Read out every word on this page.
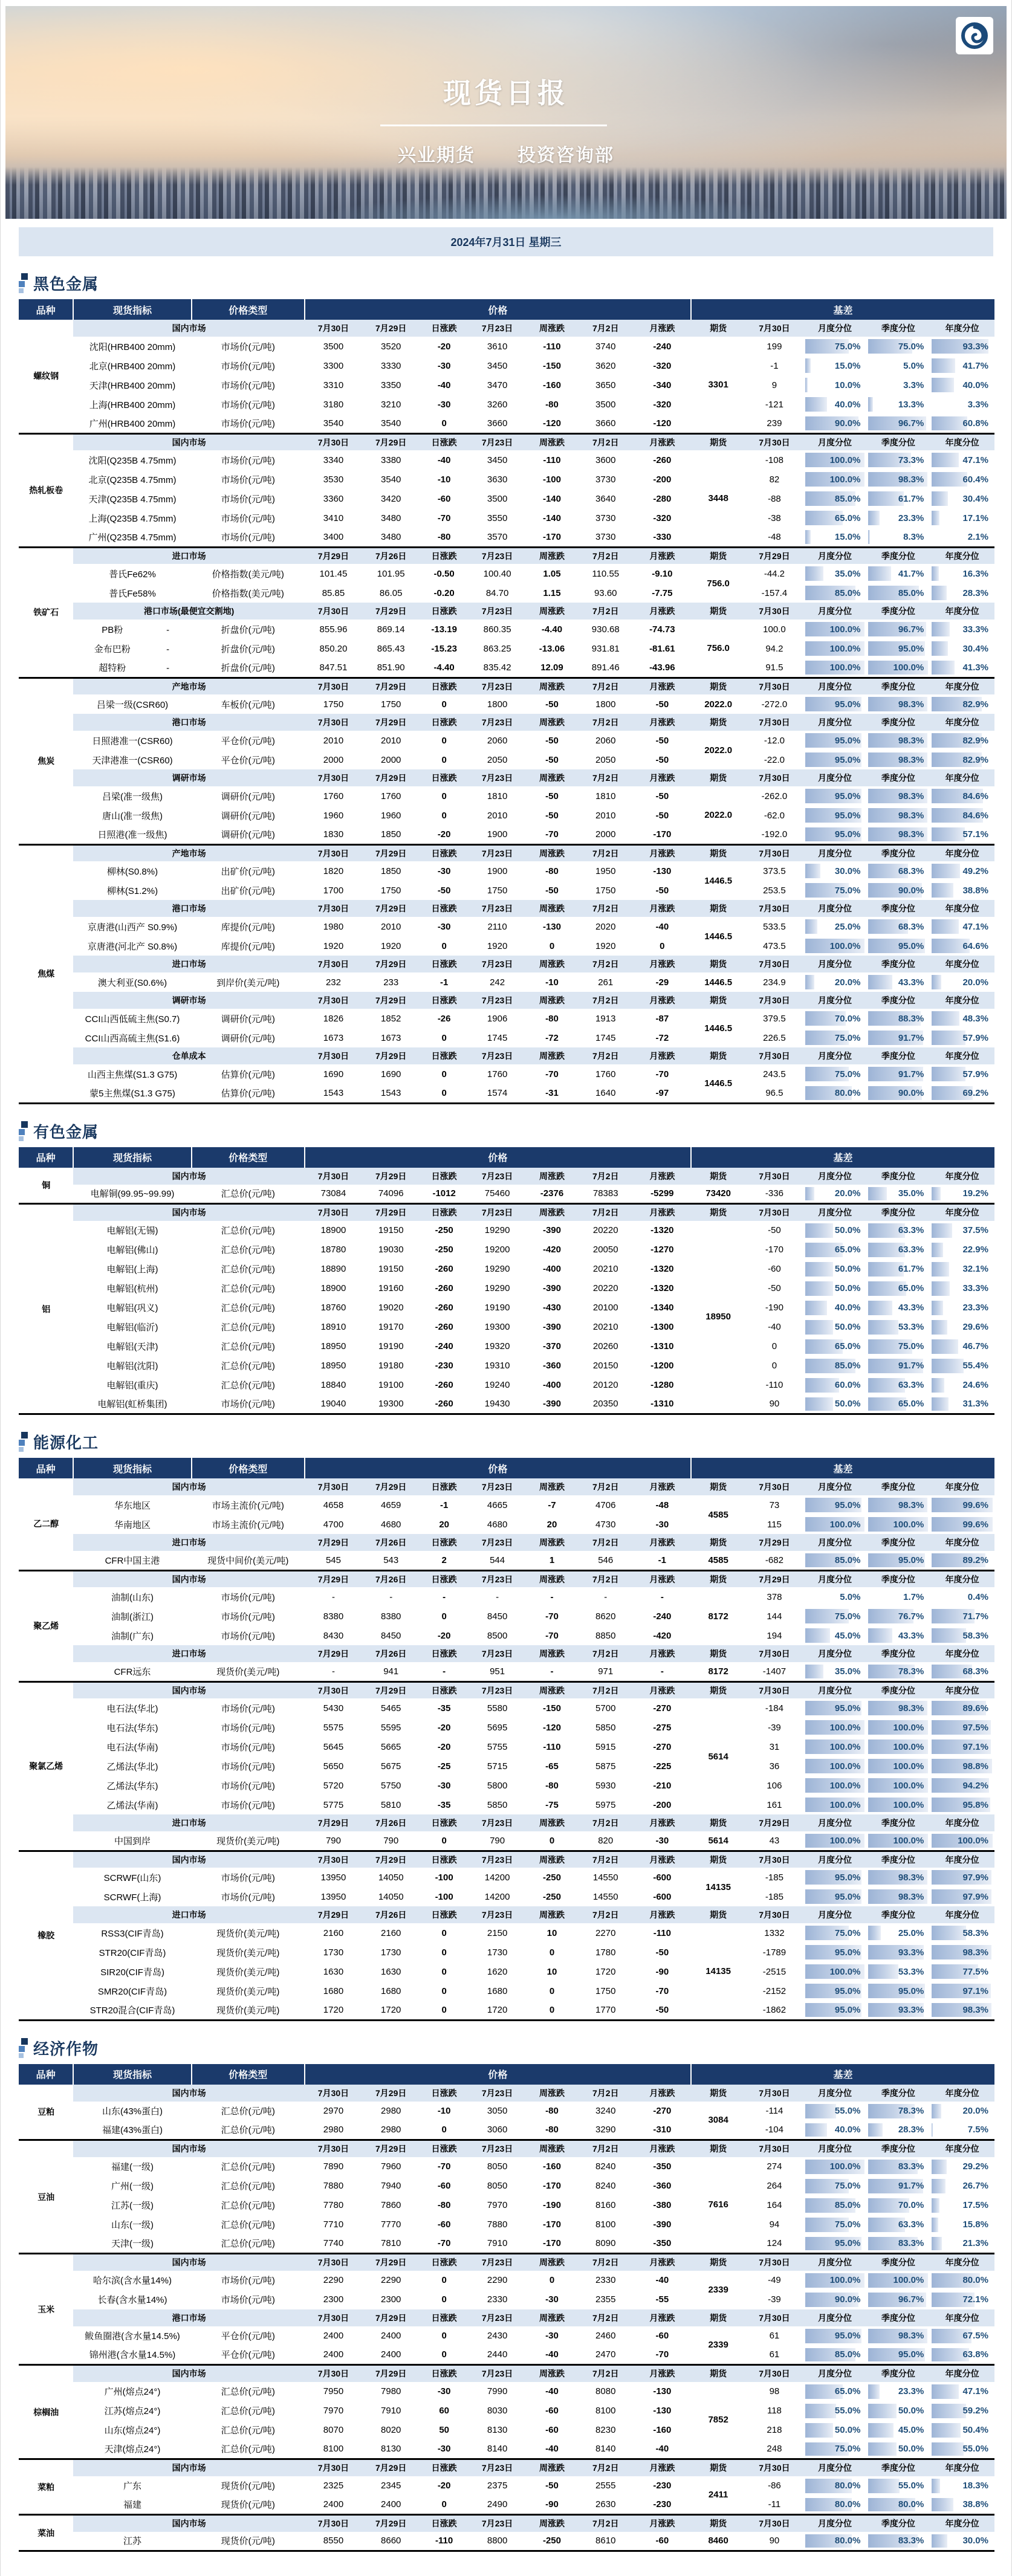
现货日报
兴业期货 投资咨询部
2024年7月31日 星期三
黑色金属
品种	现货指标	价格类型	价格							基差				
螺纹钢	国内市场		7月30日	7月29日	日涨跌	7月23日	周涨跌	7月2日	月涨跌	期货	7月30日	月度分位	季度分位	年度分位
	沈阳(HRB400 20mm)	市场价(元/吨)	3500	3520	-20	3610	-110	3740	-240	3301	199	75.0%	75.0%	93.3%

	北京(HRB400 20mm)	市场价(元/吨)	3300	3330	-30	3450	-150	3620	-320		-1	15.0%	5.0%	41.7%

	天津(HRB400 20mm)	市场价(元/吨)	3310	3350	-40	3470	-160	3650	-340		9	10.0%	3.3%	40.0%

	上海(HRB400 20mm)	市场价(元/吨)	3180	3210	-30	3260	-80	3500	-320		-121	40.0%	13.3%	3.3%

	广州(HRB400 20mm)	市场价(元/吨)	3540	3540	0	3660	-120	3660	-120		239	90.0%	96.7%	60.8%

热轧板卷	国内市场		7月30日	7月29日	日涨跌	7月23日	周涨跌	7月2日	月涨跌	期货	7月30日	月度分位	季度分位	年度分位
	沈阳(Q235B 4.75mm)	市场价(元/吨)	3340	3380	-40	3450	-110	3600	-260	3448	-108	100.0%	73.3%	47.1%

	北京(Q235B 4.75mm)	市场价(元/吨)	3530	3540	-10	3630	-100	3730	-200		82	100.0%	98.3%	60.4%

	天津(Q235B 4.75mm)	市场价(元/吨)	3360	3420	-60	3500	-140	3640	-280		-88	85.0%	61.7%	30.4%

	上海(Q235B 4.75mm)	市场价(元/吨)	3410	3480	-70	3550	-140	3730	-320		-38	65.0%	23.3%	17.1%

	广州(Q235B 4.75mm)	市场价(元/吨)	3400	3480	-80	3570	-170	3730	-330		-48	15.0%	8.3%	2.1%

铁矿石	进口市场		7月29日	7月26日	日涨跌	7月23日	周涨跌	7月2日	月涨跌	期货	7月29日	月度分位	季度分位	年度分位
	普氏Fe62%	价格指数(美元/吨)	101.45	101.95	-0.50	100.40	1.05	110.55	-9.10	756.0	-44.2	35.0%	41.7%	16.3%

	普氏Fe58%	价格指数(美元/吨)	85.85	86.05	-0.20	84.70	1.15	93.60	-7.75		-157.4	85.0%	85.0%	28.3%

	港口市场(最便宜交割地)		7月30日	7月29日	日涨跌	7月23日	周涨跌	7月2日	月涨跌	期货	7月30日	月度分位	季度分位	年度分位
	PB粉 -	折盘价(元/吨)	855.96	869.14	-13.19	860.35	-4.40	930.68	-74.73	756.0	100.0	100.0%	96.7%	33.3%

	金布巴粉 -	折盘价(元/吨)	850.20	865.43	-15.23	863.25	-13.06	931.81	-81.61		94.2	100.0%	95.0%	30.4%

	超特粉 -	折盘价(元/吨)	847.51	851.90	-4.40	835.42	12.09	891.46	-43.96		91.5	100.0%	100.0%	41.3%

焦炭	产地市场		7月30日	7月29日	日涨跌	7月23日	周涨跌	7月2日	月涨跌	期货	7月30日	月度分位	季度分位	年度分位
	吕梁一级(CSR60)	车板价(元/吨)	1750	1750	0	1800	-50	1800	-50	2022.0	-272.0	95.0%	98.3%	82.9%

	港口市场		7月30日	7月29日	日涨跌	7月23日	周涨跌	7月2日	月涨跌	期货	7月30日	月度分位	季度分位	年度分位
	日照港准一(CSR60)	平仓价(元/吨)	2010	2010	0	2060	-50	2060	-50	2022.0	-12.0	95.0%	98.3%	82.9%

	天津港准一(CSR60)	平仓价(元/吨)	2000	2000	0	2050	-50	2050	-50		-22.0	95.0%	98.3%	82.9%

	调研市场		7月30日	7月29日	日涨跌	7月23日	周涨跌	7月2日	月涨跌	期货	7月30日	月度分位	季度分位	年度分位
	吕梁(准一级焦)	调研价(元/吨)	1760	1760	0	1810	-50	1810	-50	2022.0	-262.0	95.0%	98.3%	84.6%

	唐山(准一级焦)	调研价(元/吨)	1960	1960	0	2010	-50	2010	-50		-62.0	95.0%	98.3%	84.6%

	日照港(准一级焦)	调研价(元/吨)	1830	1850	-20	1900	-70	2000	-170		-192.0	95.0%	98.3%	57.1%

焦煤	产地市场		7月30日	7月29日	日涨跌	7月23日	周涨跌	7月2日	月涨跌	期货	7月30日	月度分位	季度分位	年度分位
	柳林(S0.8%)	出矿价(元/吨)	1820	1850	-30	1900	-80	1950	-130	1446.5	373.5	30.0%	68.3%	49.2%

	柳林(S1.2%)	出矿价(元/吨)	1700	1750	-50	1750	-50	1750	-50		253.5	75.0%	90.0%	38.8%

	港口市场		7月30日	7月29日	日涨跌	7月23日	周涨跌	7月2日	月涨跌	期货	7月30日	月度分位	季度分位	年度分位
	京唐港(山西产 S0.9%)	库提价(元/吨)	1980	2010	-30	2110	-130	2020	-40	1446.5	533.5	25.0%	68.3%	47.1%

	京唐港(河北产 S0.8%)	库提价(元/吨)	1920	1920	0	1920	0	1920	0		473.5	100.0%	95.0%	64.6%

	进口市场		7月30日	7月29日	日涨跌	7月23日	周涨跌	7月2日	月涨跌	期货	7月30日	月度分位	季度分位	年度分位
	澳大利亚(S0.6%)	到岸价(美元/吨)	232	233	-1	242	-10	261	-29	1446.5	234.9	20.0%	43.3%	20.0%

	调研市场		7月30日	7月29日	日涨跌	7月23日	周涨跌	7月2日	月涨跌	期货	7月30日	月度分位	季度分位	年度分位
	CCI山西低硫主焦(S0.7)	调研价(元/吨)	1826	1852	-26	1906	-80	1913	-87	1446.5	379.5	70.0%	88.3%	48.3%

	CCI山西高硫主焦(S1.6)	调研价(元/吨)	1673	1673	0	1745	-72	1745	-72		226.5	75.0%	91.7%	57.9%

	仓单成本		7月30日	7月29日	日涨跌	7月23日	周涨跌	7月2日	月涨跌	期货	7月30日	月度分位	季度分位	年度分位
	山西主焦煤(S1.3 G75)	估算价(元/吨)	1690	1690	0	1760	-70	1760	-70	1446.5	243.5	75.0%	91.7%	57.9%

	蒙5主焦煤(S1.3 G75)	估算价(元/吨)	1543	1543	0	1574	-31	1640	-97		96.5	80.0%	90.0%	69.2%
有色金属
品种	现货指标	价格类型	价格							基差				
铜	国内市场		7月30日	7月29日	日涨跌	7月23日	周涨跌	7月2日	月涨跌	期货	7月30日	月度分位	季度分位	年度分位
	电解铜(99.95~99.99)	汇总价(元/吨)	73084	74096	-1012	75460	-2376	78383	-5299	73420	-336	20.0%	35.0%	19.2%

铝	国内市场		7月30日	7月29日	日涨跌	7月23日	周涨跌	7月2日	月涨跌	期货	7月30日	月度分位	季度分位	年度分位
	电解铝(无锡)	汇总价(元/吨)	18900	19150	-250	19290	-390	20220	-1320	18950	-50	50.0%	63.3%	37.5%

	电解铝(佛山)	汇总价(元/吨)	18780	19030	-250	19200	-420	20050	-1270		-170	65.0%	63.3%	22.9%

	电解铝(上海)	汇总价(元/吨)	18890	19150	-260	19290	-400	20210	-1320		-60	50.0%	61.7%	32.1%

	电解铝(杭州)	汇总价(元/吨)	18900	19160	-260	19290	-390	20220	-1320		-50	50.0%	65.0%	33.3%

	电解铝(巩义)	汇总价(元/吨)	18760	19020	-260	19190	-430	20100	-1340		-190	40.0%	43.3%	23.3%

	电解铝(临沂)	汇总价(元/吨)	18910	19170	-260	19300	-390	20210	-1300		-40	50.0%	53.3%	29.6%

	电解铝(天津)	汇总价(元/吨)	18950	19190	-240	19320	-370	20260	-1310		0	65.0%	75.0%	46.7%

	电解铝(沈阳)	汇总价(元/吨)	18950	19180	-230	19310	-360	20150	-1200		0	85.0%	91.7%	55.4%

	电解铝(重庆)	汇总价(元/吨)	18840	19100	-260	19240	-400	20120	-1280		-110	60.0%	63.3%	24.6%

	电解铝(虹桥集团)	市场价(元/吨)	19040	19300	-260	19430	-390	20350	-1310		90	50.0%	65.0%	31.3%
能源化工
品种	现货指标	价格类型	价格							基差				
乙二醇	国内市场		7月30日	7月29日	日涨跌	7月23日	周涨跌	7月2日	月涨跌	期货	7月30日	月度分位	季度分位	年度分位
	华东地区	市场主流价(元/吨)	4658	4659	-1	4665	-7	4706	-48	4585	73	95.0%	98.3%	99.6%

	华南地区	市场主流价(元/吨)	4700	4680	20	4680	20	4730	-30		115	100.0%	100.0%	99.6%

	进口市场		7月29日	7月26日	日涨跌	7月23日	周涨跌	7月2日	月涨跌	期货	7月29日	月度分位	季度分位	年度分位
	CFR中国主港	现货中间价(美元/吨)	545	543	2	544	1	546	-1	4585	-682	85.0%	95.0%	89.2%

聚乙烯	国内市场		7月29日	7月26日	日涨跌	7月23日	周涨跌	7月2日	月涨跌	期货	7月29日	月度分位	季度分位	年度分位
	油制(山东)	市场价(元/吨)	-	-	-	-	-	-	-	8172	378	5.0%	1.7%	0.4%

	油制(浙江)	市场价(元/吨)	8380	8380	0	8450	-70	8620	-240		144	75.0%	76.7%	71.7%

	油制(广东)	市场价(元/吨)	8430	8450	-20	8500	-70	8850	-420		194	45.0%	43.3%	58.3%

	进口市场		7月29日	7月26日	日涨跌	7月23日	周涨跌	7月2日	月涨跌	期货	7月30日	月度分位	季度分位	年度分位
	CFR远东	现货价(美元/吨)	-	941	-	951	-	971	-	8172	-1407	35.0%	78.3%	68.3%

聚氯乙烯	国内市场		7月30日	7月29日	日涨跌	7月23日	周涨跌	7月2日	月涨跌	期货	7月30日	月度分位	季度分位	年度分位
	电石法(华北)	市场价(元/吨)	5430	5465	-35	5580	-150	5700	-270	5614	-184	95.0%	98.3%	89.6%

	电石法(华东)	市场价(元/吨)	5575	5595	-20	5695	-120	5850	-275		-39	100.0%	100.0%	97.5%

	电石法(华南)	市场价(元/吨)	5645	5665	-20	5755	-110	5915	-270		31	100.0%	100.0%	97.1%

	乙烯法(华北)	市场价(元/吨)	5650	5675	-25	5715	-65	5875	-225		36	100.0%	100.0%	98.8%

	乙烯法(华东)	市场价(元/吨)	5720	5750	-30	5800	-80	5930	-210		106	100.0%	100.0%	94.2%

	乙烯法(华南)	市场价(元/吨)	5775	5810	-35	5850	-75	5975	-200		161	100.0%	100.0%	95.8%

	进口市场		7月29日	7月26日	日涨跌	7月23日	周涨跌	7月2日	月涨跌	期货	7月29日	月度分位	季度分位	年度分位
	中国到岸	现货价(美元/吨)	790	790	0	790	0	820	-30	5614	43	100.0%	100.0%	100.0%

橡胶	国内市场		7月30日	7月29日	日涨跌	7月23日	周涨跌	7月2日	月涨跌	期货	7月30日	月度分位	季度分位	年度分位
	SCRWF(山东)	市场价(元/吨)	13950	14050	-100	14200	-250	14550	-600	14135	-185	95.0%	98.3%	97.9%

	SCRWF(上海)	市场价(元/吨)	13950	14050	-100	14200	-250	14550	-600		-185	95.0%	98.3%	97.9%

	进口市场		7月29日	7月26日	日涨跌	7月23日	周涨跌	7月2日	月涨跌	期货	7月30日	月度分位	季度分位	年度分位
	RSS3(CIF青岛)	现货价(美元/吨)	2160	2160	0	2150	10	2270	-110	14135	1332	75.0%	25.0%	58.3%

	STR20(CIF青岛)	现货价(美元/吨)	1730	1730	0	1730	0	1780	-50		-1789	95.0%	93.3%	98.3%

	SIR20(CIF青岛)	现货价(美元/吨)	1630	1630	0	1620	10	1720	-90		-2515	100.0%	53.3%	77.5%

	SMR20(CIF青岛)	现货价(美元/吨)	1680	1680	0	1680	0	1750	-70		-2152	95.0%	95.0%	97.1%

	STR20混合(CIF青岛)	现货价(美元/吨)	1720	1720	0	1720	0	1770	-50		-1862	95.0%	93.3%	98.3%
经济作物
品种	现货指标	价格类型	价格							基差				
豆粕	国内市场		7月30日	7月29日	日涨跌	7月23日	周涨跌	7月2日	月涨跌	期货	7月30日	月度分位	季度分位	年度分位
	山东(43%蛋白)	汇总价(元/吨)	2970	2980	-10	3050	-80	3240	-270	3084	-114	55.0%	78.3%	20.0%

	福建(43%蛋白)	汇总价(元/吨)	2980	2980	0	3060	-80	3290	-310		-104	40.0%	28.3%	7.5%

豆油	国内市场		7月30日	7月29日	日涨跌	7月23日	周涨跌	7月2日	月涨跌	期货	7月30日	月度分位	季度分位	年度分位
	福建(一级)	汇总价(元/吨)	7890	7960	-70	8050	-160	8240	-350	7616	274	100.0%	83.3%	29.2%

	广州(一级)	汇总价(元/吨)	7880	7940	-60	8050	-170	8240	-360		264	75.0%	91.7%	26.7%

	江苏(一级)	汇总价(元/吨)	7780	7860	-80	7970	-190	8160	-380		164	85.0%	70.0%	17.5%

	山东(一级)	汇总价(元/吨)	7710	7770	-60	7880	-170	8100	-390		94	75.0%	63.3%	15.8%

	天津(一级)	汇总价(元/吨)	7740	7810	-70	7910	-170	8090	-350		124	95.0%	83.3%	21.3%

玉米	国内市场		7月30日	7月29日	日涨跌	7月23日	周涨跌	7月2日	月涨跌	期货	7月30日	月度分位	季度分位	年度分位
	哈尔滨(含水量14%)	市场价(元/吨)	2290	2290	0	2290	0	2330	-40	2339	-49	100.0%	100.0%	80.0%

	长春(含水量14%)	市场价(元/吨)	2300	2300	0	2330	-30	2355	-55		-39	90.0%	96.7%	72.1%

	港口市场		7月30日	7月29日	日涨跌	7月23日	周涨跌	7月2日	月涨跌	期货	7月30日	月度分位	季度分位	年度分位
	鲅鱼圈港(含水量14.5%)	平仓价(元/吨)	2400	2400	0	2430	-30	2460	-60	2339	61	95.0%	98.3%	67.5%

	锦州港(含水量14.5%)	平仓价(元/吨)	2400	2400	0	2440	-40	2470	-70		61	85.0%	95.0%	63.8%

棕榈油	国内市场		7月30日	7月29日	日涨跌	7月23日	周涨跌	7月2日	月涨跌	期货	7月30日	月度分位	季度分位	年度分位
	广州(熔点24°)	汇总价(元/吨)	7950	7980	-30	7990	-40	8080	-130	7852	98	65.0%	23.3%	47.1%

	江苏(熔点24°)	汇总价(元/吨)	7970	7910	60	8030	-60	8100	-130		118	55.0%	50.0%	59.2%

	山东(熔点24°)	汇总价(元/吨)	8070	8020	50	8130	-60	8230	-160		218	50.0%	45.0%	50.4%

	天津(熔点24°)	汇总价(元/吨)	8100	8130	-30	8140	-40	8140	-40		248	75.0%	50.0%	55.0%

菜粕	国内市场		7月30日	7月29日	日涨跌	7月23日	周涨跌	7月2日	月涨跌	期货	7月30日	月度分位	季度分位	年度分位
	广东	现货价(元/吨)	2325	2345	-20	2375	-50	2555	-230	2411	-86	80.0%	55.0%	18.3%

	福建	现货价(元/吨)	2400	2400	0	2490	-90	2630	-230		-11	80.0%	80.0%	38.8%

菜油	国内市场		7月30日	7月29日	日涨跌	7月23日	周涨跌	7月2日	月涨跌	期货	7月30日	月度分位	季度分位	年度分位
	江苏	现货价(元/吨)	8550	8660	-110	8800	-250	8610	-60	8460	90	80.0%	83.3%	30.0%
